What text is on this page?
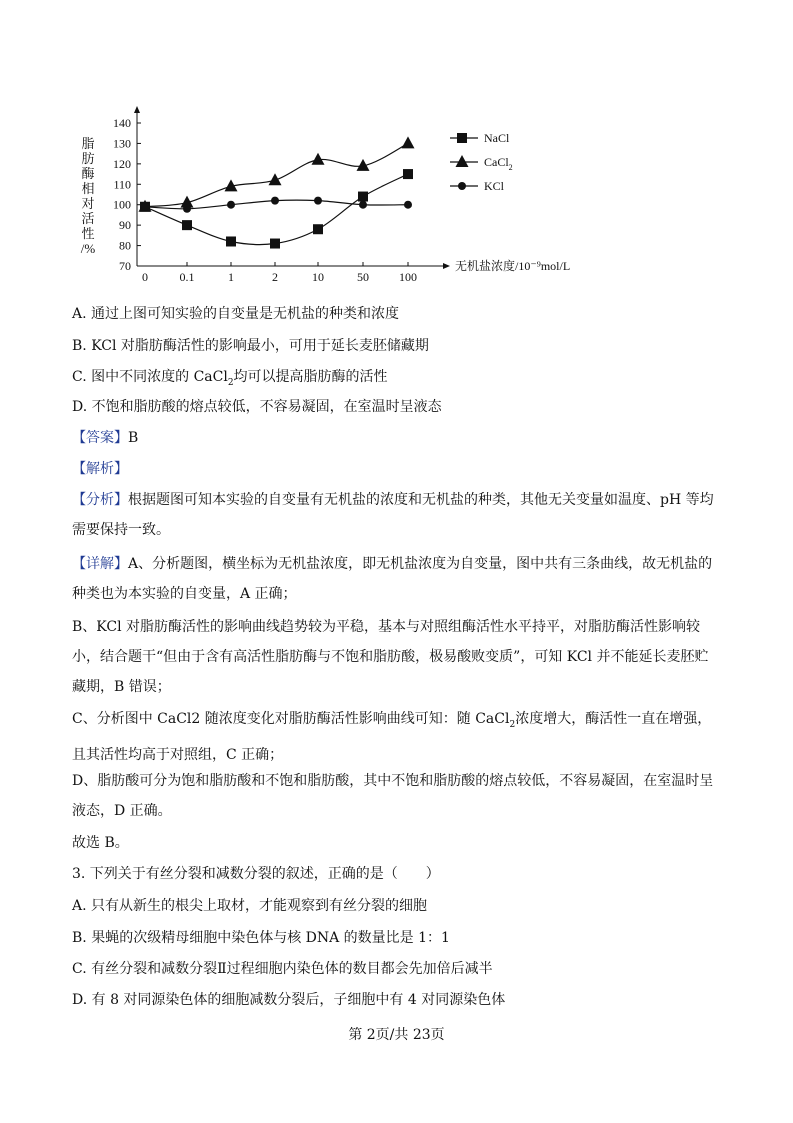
70
80
90
100
110
120
130
140
0	0.1	1	2	10	50	100
无机盐浓度/10⁻⁹mol/L
脂
肪
酶
相
对
活
性
/%
NaCl
CaCl$_2$
KCl
A. 通过上图可知实验的自变量是无机盐的种类和浓度
B. KCl 对脂肪酶活性的影响最小，可用于延长麦胚储藏期
C. 图中不同浓度的 CaCl$_2$均可以提高脂肪酶的活性
D. 不饱和脂肪酸的熔点较低，不容易凝固，在室温时呈液态
【答案】B
【解析】
【分析】根据题图可知本实验的自变量有无机盐的浓度和无机盐的种类，其他无关变量如温度、pH 等均需要保持一致。
【详解】A、分析题图，横坐标为无机盐浓度，即无机盐浓度为自变量，图中共有三条曲线，故无机盐的种类也为本实验的自变量，A 正确；
B、KCl 对脂肪酶活性的影响曲线趋势较为平稳，基本与对照组酶活性水平持平，对脂肪酶活性影响较小，结合题干“但由于含有高活性脂肪酶与不饱和脂肪酸，极易酸败变质”，可知 KCl 并不能延长麦胚贮藏期，B 错误；
C、分析图中 CaCl2 随浓度变化对脂肪酶活性影响曲线可知：随 CaCl$_2$浓度增大，酶活性一直在增强，且其活性均高于对照组，C 正确；
D、脂肪酸可分为饱和脂肪酸和不饱和脂肪酸，其中不饱和脂肪酸的熔点较低，不容易凝固，在室温时呈液态，D 正确。
故选 B。
3. 下列关于有丝分裂和减数分裂的叙述，正确的是（　　）
A. 只有从新生的根尖上取材，才能观察到有丝分裂的细胞
B. 果蝇的次级精母细胞中染色体与核 DNA 的数量比是 1：1
C. 有丝分裂和减数分裂Ⅱ过程细胞内染色体的数目都会先加倍后减半
D. 有 8 对同源染色体的细胞减数分裂后，子细胞中有 4 对同源染色体
第 2页/共 23页
